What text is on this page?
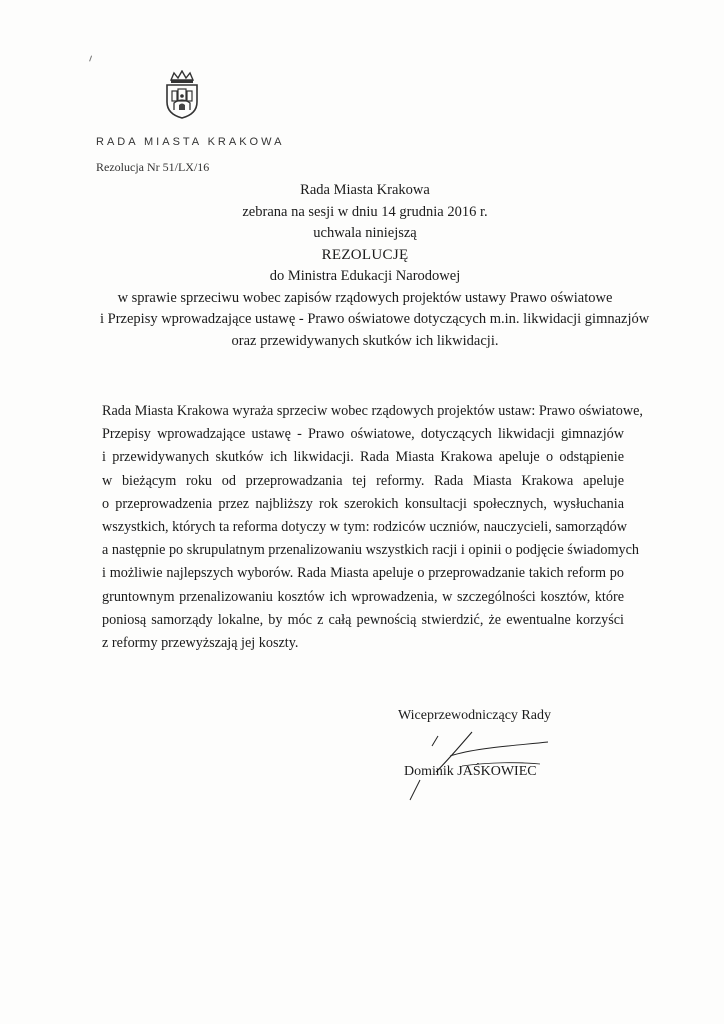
RADA MIASTA KRAKOWA
Rezolucja Nr 51/LX/16
Rada Miasta Krakowa
zebrana na sesji w dniu 14 grudnia 2016 r.
uchwala niniejszą
REZOLUCJĘ
do Ministra Edukacji Narodowej
w sprawie sprzeciwu wobec zapisów rządowych projektów ustawy Prawo oświatowe
i Przepisy wprowadzające ustawę - Prawo oświatowe dotyczących m.in. likwidacji gimnazjów
oraz przewidywanych skutków ich likwidacji.
Rada Miasta Krakowa wyraża sprzeciw wobec rządowych projektów ustaw: Prawo oświatowe,
Przepisy wprowadzające ustawę - Prawo oświatowe, dotyczących likwidacji gimnazjów
i przewidywanych skutków ich likwidacji. Rada Miasta Krakowa apeluje o odstąpienie
w bieżącym roku od przeprowadzania tej reformy. Rada Miasta Krakowa apeluje
o przeprowadzenia przez najbliższy rok szerokich konsultacji społecznych, wysłuchania
wszystkich, których ta reforma dotyczy w tym: rodziców uczniów, nauczycieli, samorządów
a następnie po skrupulatnym przenalizowaniu wszystkich racji i opinii o podjęcie świadomych
i możliwie najlepszych wyborów. Rada Miasta apeluje o przeprowadzanie takich reform po
gruntownym przenalizowaniu kosztów ich wprowadzenia, w szczególności kosztów, które
poniosą samorządy lokalne, by móc z całą pewnością stwierdzić, że ewentualne korzyści
z reformy przewyższają jej koszty.
Wiceprzewodniczący Rady
Dominik JAŚKOWIEC
